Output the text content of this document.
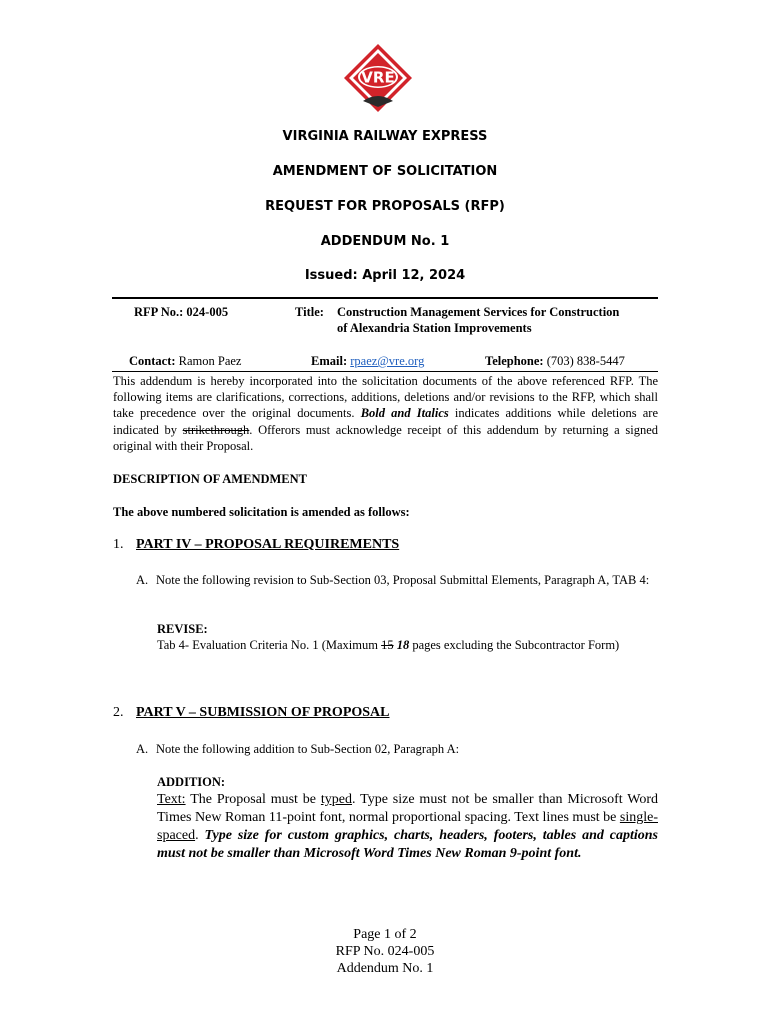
VRE
VIRGINIA RAILWAY EXPRESS
AMENDMENT OF SOLICITATION
REQUEST FOR PROPOSALS (RFP)
ADDENDUM No. 1
Issued: April 12, 2024
RFP No.: 024-005	Title: Construction Management Services for Construction
of Alexandria Station Improvements
Contact: Ramon Paez	Email: rpaez@vre.org	Telephone: (703) 838-5447
This addendum is hereby incorporated into the solicitation documents of the above referenced RFP. The following items are clarifications, corrections, additions, deletions and/or revisions to the RFP, which shall take precedence over the original documents. Bold and Italics indicates additions while deletions are indicated by strikethrough. Offerors must acknowledge receipt of this addendum by returning a signed original with their Proposal.
DESCRIPTION OF AMENDMENT
The above numbered solicitation is amended as follows:
1. PART IV – PROPOSAL REQUIREMENTS
A. Note the following revision to Sub-Section 03, Proposal Submittal Elements, Paragraph A, TAB 4:
REVISE:
Tab 4- Evaluation Criteria No. 1 (Maximum 15 18 pages excluding the Subcontractor Form)
2. PART V – SUBMISSION OF PROPOSAL
A. Note the following addition to Sub-Section 02, Paragraph A:
ADDITION:
Text: The Proposal must be typed. Type size must not be smaller than Microsoft Word Times New Roman 11-point font, normal proportional spacing. Text lines must be single-spaced. Type size for custom graphics, charts, headers, footers, tables and captions must not be smaller than Microsoft Word Times New Roman 9-point font.
Page 1 of 2
RFP No. 024-005
Addendum No. 1
